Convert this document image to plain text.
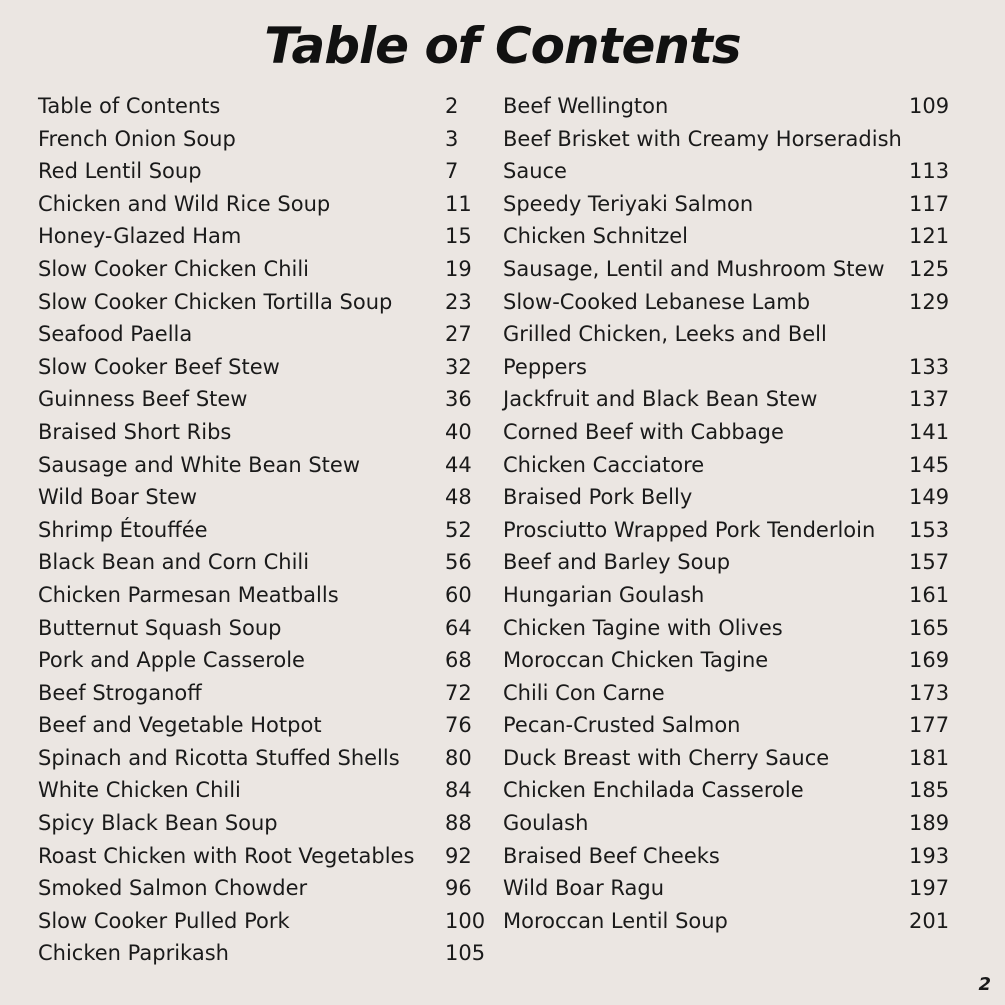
Table of Contents
Table of Contents	2
French Onion Soup	3
Red Lentil Soup	7
Chicken and Wild Rice Soup	11
Honey-Glazed Ham	15
Slow Cooker Chicken Chili	19
Slow Cooker Chicken Tortilla Soup	23
Seafood Paella	27
Slow Cooker Beef Stew	32
Guinness Beef Stew	36
Braised Short Ribs	40
Sausage and White Bean Stew	44
Wild Boar Stew	48
Shrimp Étouffée	52
Black Bean and Corn Chili	56
Chicken Parmesan Meatballs	60
Butternut Squash Soup	64
Pork and Apple Casserole	68
Beef Stroganoff	72
Beef and Vegetable Hotpot	76
Spinach and Ricotta Stuffed Shells 80
White Chicken Chili	84
Spicy Black Bean Soup	88
Roast Chicken with Root Vegetables 92
Smoked Salmon Chowder	96
Slow Cooker Pulled Pork	100
Chicken Paprikash	105
Beef Wellington	109
Beef Brisket with Creamy Horseradish
Sauce	113
Speedy Teriyaki Salmon	117
Chicken Schnitzel	121
Sausage, Lentil and Mushroom Stew 125
Slow-Cooked Lebanese Lamb	129
Grilled Chicken, Leeks and Bell
Peppers	133
Jackfruit and Black Bean Stew	137
Corned Beef with Cabbage	141
Chicken Cacciatore	145
Braised Pork Belly	149
Prosciutto Wrapped Pork Tenderloin 153
Beef and Barley Soup	157
Hungarian Goulash	161
Chicken Tagine with Olives	165
Moroccan Chicken Tagine	169
Chili Con Carne	173
Pecan-Crusted Salmon	177
Duck Breast with Cherry Sauce	181
Chicken Enchilada Casserole	185
Goulash	189
Braised Beef Cheeks	193
Wild Boar Ragu	197
Moroccan Lentil Soup	201
2
